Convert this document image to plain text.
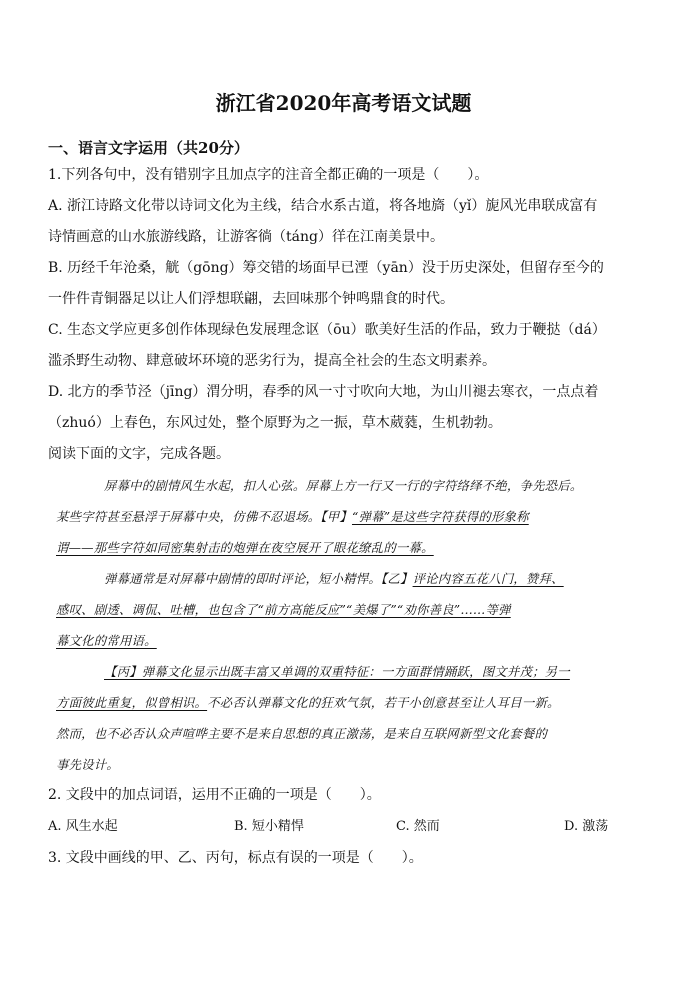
浙江省2020年高考语文试题
一、语言文字运用（共20分）
1.下列各句中，没有错别字且加点字的注音全都正确的一项是（　　）。
A. 浙江诗路文化带以诗词文化为主线，结合水系古道，将各地旖（yǐ）旎风光串联成富有
诗情画意的山水旅游线路，让游客徜（táng）徉在江南美景中。
B. 历经千年沧桑，觥（gōng）筹交错的场面早已湮（yān）没于历史深处，但留存至今的
一件件青铜器足以让人们浮想联翩，去回味那个钟鸣鼎食的时代。
C. 生态文学应更多创作体现绿色发展理念讴（ōu）歌美好生活的作品，致力于鞭挞（dá）
滥杀野生动物、肆意破坏环境的恶劣行为，提高全社会的生态文明素养。
D. 北方的季节泾（jīng）渭分明，春季的风一寸寸吹向大地，为山川褪去寒衣，一点点着
（zhuó）上春色，东风过处，整个原野为之一振，草木葳蕤，生机勃勃。
阅读下面的文字，完成各题。
屏幕中的剧情风生水起，扣人心弦。屏幕上方一行又一行的字符络绎不绝，争先恐后。
某些字符甚至悬浮于屏幕中央，仿佛不忍退场。【甲】“弹幕”是这些字符获得的形象称
谓——那些字符如同密集射击的炮弹在夜空展开了眼花缭乱的一幕。
弹幕通常是对屏幕中剧情的即时评论，短小精悍。【乙】评论内容五花八门，赞拜、
感叹、剧透、调侃、吐槽，也包含了“前方高能反应”“美爆了”“劝你善良”……等弹
幕文化的常用语。
【丙】弹幕文化显示出既丰富又单调的双重特征：一方面群情踊跃，图文并茂；另一
方面彼此重复，似曾相识。不必否认弹幕文化的狂欢气氛，若干小创意甚至让人耳目一新。
然而，也不必否认众声喧哗主要不是来自思想的真正激荡，是来自互联网新型文化套餐的
事先设计。
2. 文段中的加点词语，运用不正确的一项是（　　）。
A. 风生水起	B. 短小精悍	C. 然而	D. 激荡
3. 文段中画线的甲、乙、丙句，标点有误的一项是（　　）。
